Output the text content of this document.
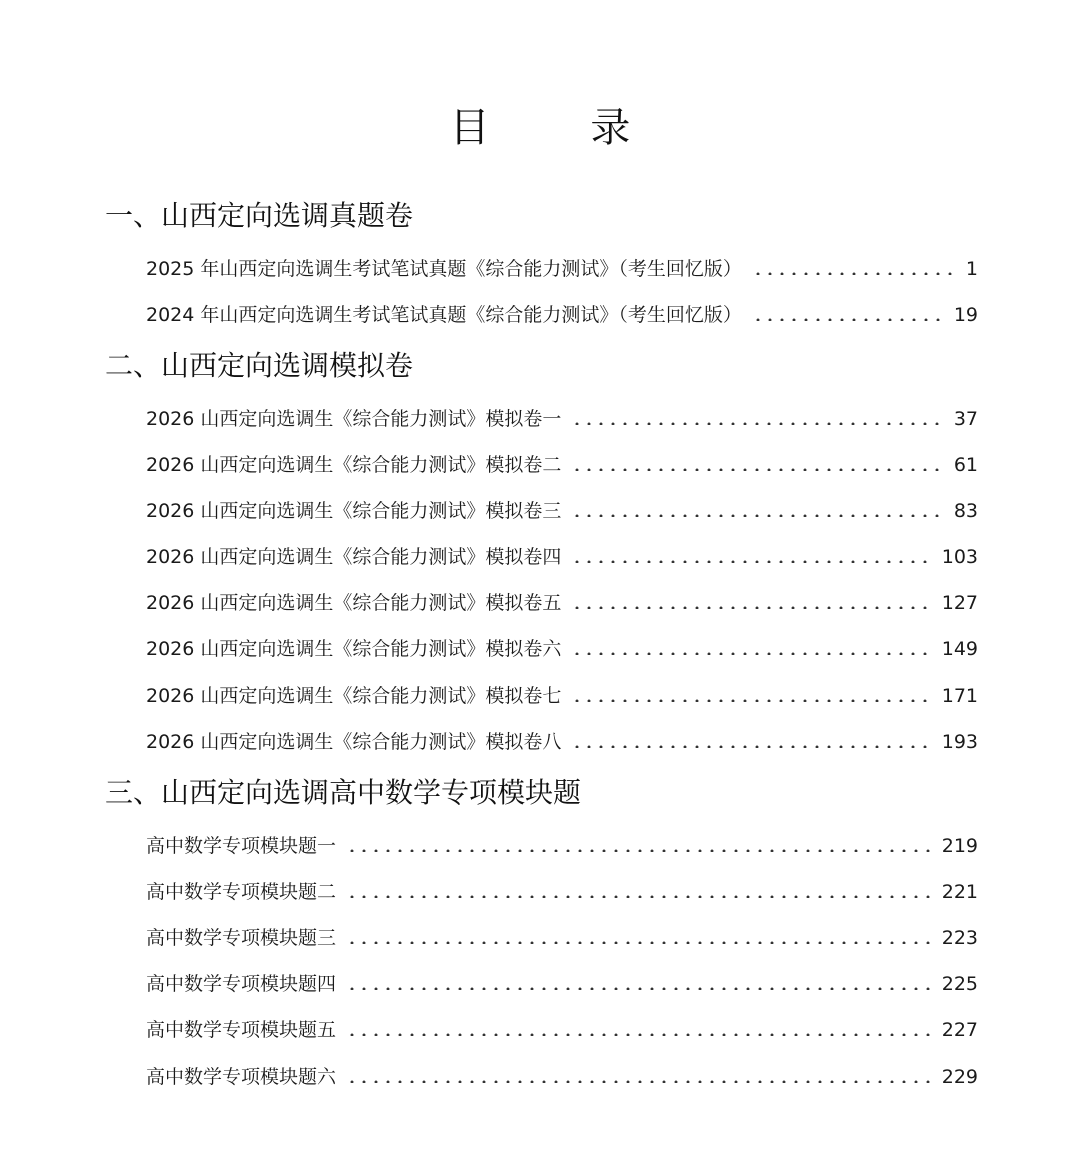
目 录
一、山西定向选调真题卷
2025 年山西定向选调生考试笔试真题《综合能力测试》（考生回忆版）	1
2024 年山西定向选调生考试笔试真题《综合能力测试》（考生回忆版）	19
二、山西定向选调模拟卷
2026 山西定向选调生《综合能力测试》模拟卷一	37
2026 山西定向选调生《综合能力测试》模拟卷二	61
2026 山西定向选调生《综合能力测试》模拟卷三	83
2026 山西定向选调生《综合能力测试》模拟卷四	103
2026 山西定向选调生《综合能力测试》模拟卷五	127
2026 山西定向选调生《综合能力测试》模拟卷六	149
2026 山西定向选调生《综合能力测试》模拟卷七	171
2026 山西定向选调生《综合能力测试》模拟卷八	193
三、山西定向选调高中数学专项模块题
高中数学专项模块题一	219
高中数学专项模块题二	221
高中数学专项模块题三	223
高中数学专项模块题四	225
高中数学专项模块题五	227
高中数学专项模块题六	229
